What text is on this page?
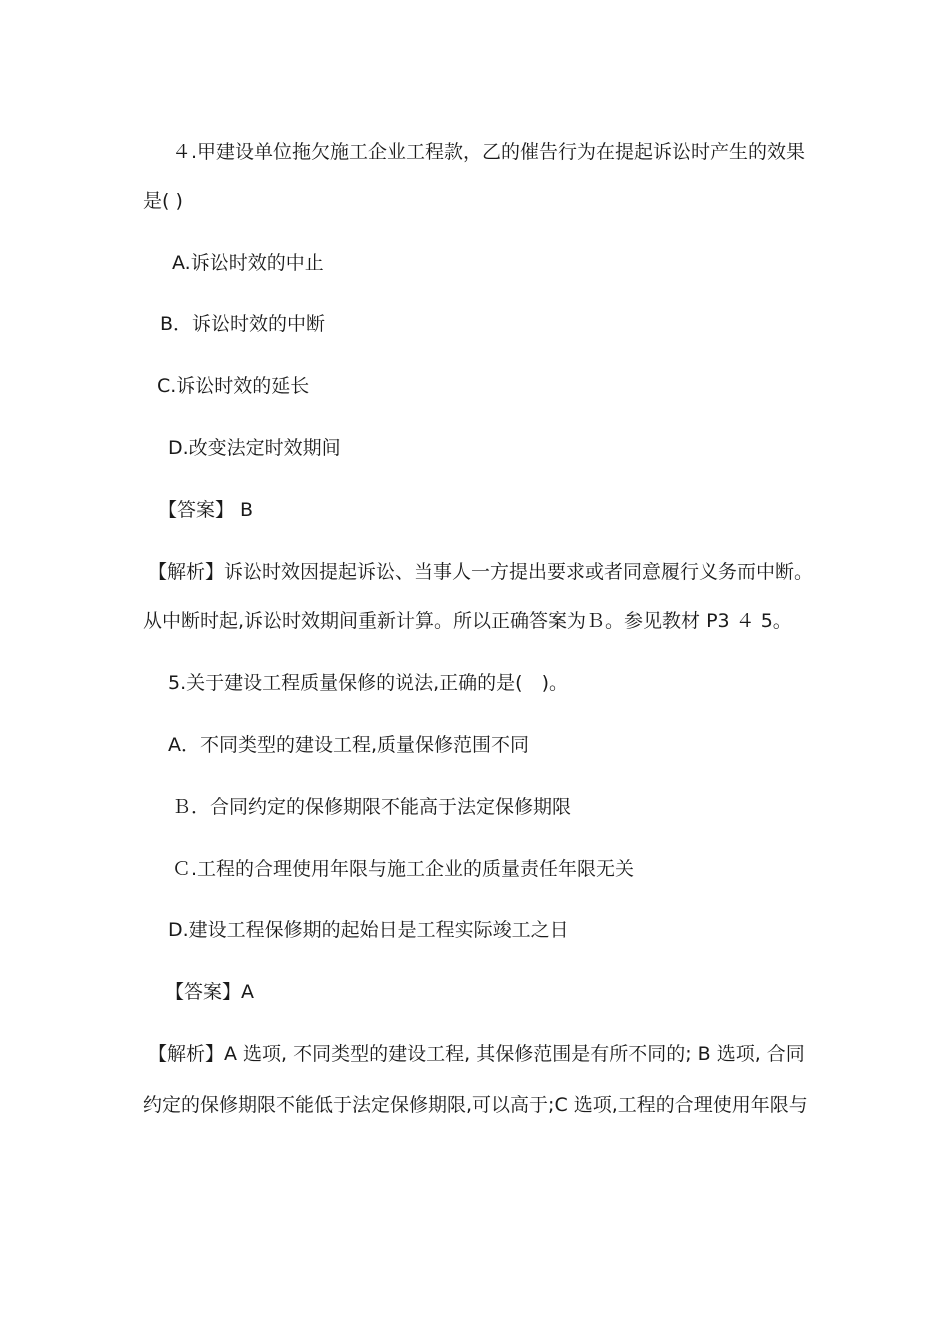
４.甲建设单位拖欠施工企业工程款，乙的催告行为在提起诉讼时产生的效果
是( )
A.诉讼时效的中止
B．诉讼时效的中断
C.诉讼时效的延长
D.改变法定时效期间
【答案】 B
【解析】诉讼时效因提起诉讼、当事人一方提出要求或者同意履行义务而中断。
从中断时起,诉讼时效期间重新计算。所以正确答案为Ｂ。参见教材 P3 ４ 5。
5.关于建设工程质量保修的说法,正确的是(　)。
A．不同类型的建设工程,质量保修范围不同
Ｂ．合同约定的保修期限不能高于法定保修期限
Ｃ.工程的合理使用年限与施工企业的质量责任年限无关
D.建设工程保修期的起始日是工程实际竣工之日
【答案】A
【解析】A 选项, 不同类型的建设工程, 其保修范围是有所不同的; B 选项, 合同
约定的保修期限不能低于法定保修期限,可以高于;C 选项,工程的合理使用年限与
